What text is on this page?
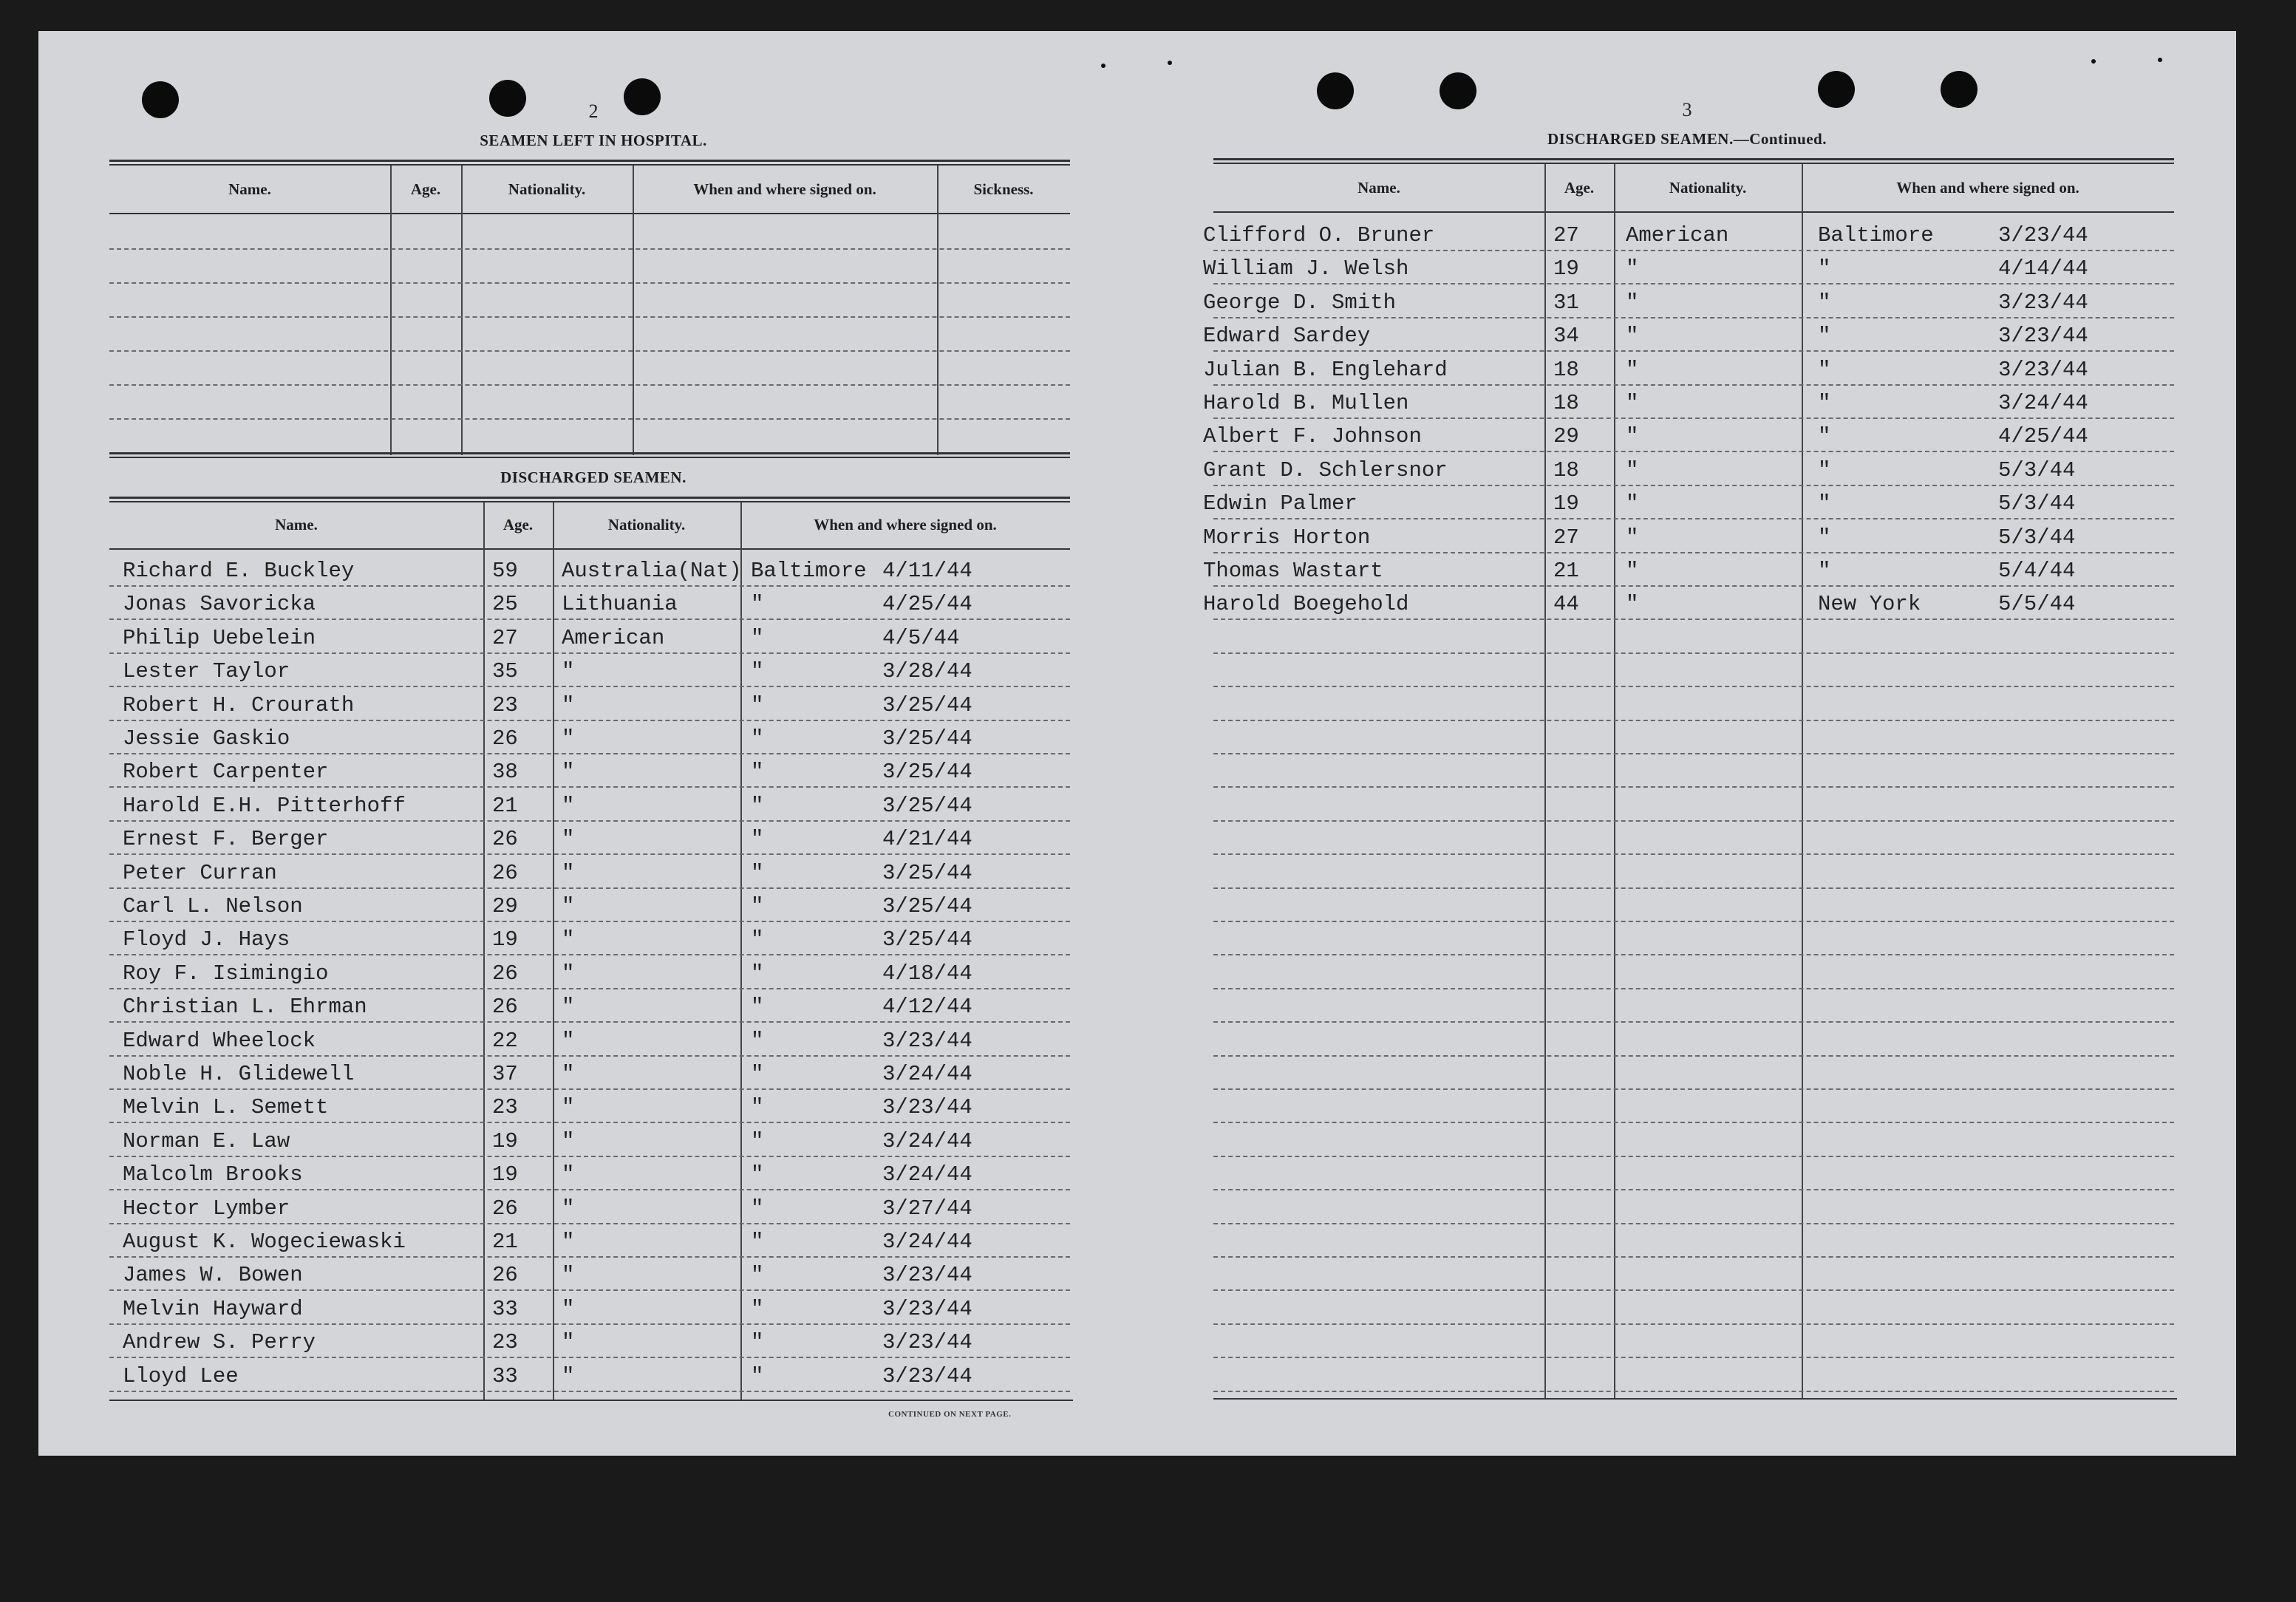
2
SEAMEN LEFT IN HOSPITAL.
Name.	Age.	Nationality.	When and where signed on.	Sickness.
DISCHARGED SEAMEN.
Name.	Age.	Nationality.	When and where signed on.
Richard E. Buckley	59 Australia(Nat) Baltimore 4/11/44
Jonas Savoricka	25 Lithuania	"	4/25/44
Philip Uebelein	27 American	"	4/5/44
Lester Taylor	35 "	"	3/28/44
Robert H. Crourath	23 "	"	3/25/44
Jessie Gaskio	26 "	"	3/25/44
Robert Carpenter	38 "	"	3/25/44
Harold E.H. Pitterhoff	21 "	"	3/25/44
Ernest F. Berger	26 "	"	4/21/44
Peter Curran	26 "	"	3/25/44
Carl L. Nelson	29 "	"	3/25/44
Floyd J. Hays	19 "	"	3/25/44
Roy F. Isimingio	26 "	"	4/18/44
Christian L. Ehrman	26 "	"	4/12/44
Edward Wheelock	22 "	"	3/23/44
Noble H. Glidewell	37 "	"	3/24/44
Melvin L. Semett	23 "	"	3/23/44
Norman E. Law	19 "	"	3/24/44
Malcolm Brooks	19 "	"	3/24/44
Hector Lymber	26 "	"	3/27/44
August K. Wogeciewaski	21 "	"	3/24/44
James W. Bowen	26 "	"	3/23/44
Melvin Hayward	33 "	"	3/23/44
Andrew S. Perry	23 "	"	3/23/44
Lloyd Lee	33 "	"	3/23/44
CONTINUED ON NEXT PAGE.
3
DISCHARGED SEAMEN.—Continued.
Name.	Age.	Nationality.	When and where signed on.
Clifford O. Bruner	27 American	Baltimore	3/23/44
William J. Welsh	19 "	"	4/14/44
George D. Smith	31 "	"	3/23/44
Edward Sardey	34 "	"	3/23/44
Julian B. Englehard	18 "	"	3/23/44
Harold B. Mullen	18 "	"	3/24/44
Albert F. Johnson	29 "	"	4/25/44
Grant D. Schlersnor	18 "	"	5/3/44
Edwin Palmer	19 "	"	5/3/44
Morris Horton	27 "	"	5/3/44
Thomas Wastart	21 "	"	5/4/44
Harold Boegehold	44 "	New York	5/5/44
